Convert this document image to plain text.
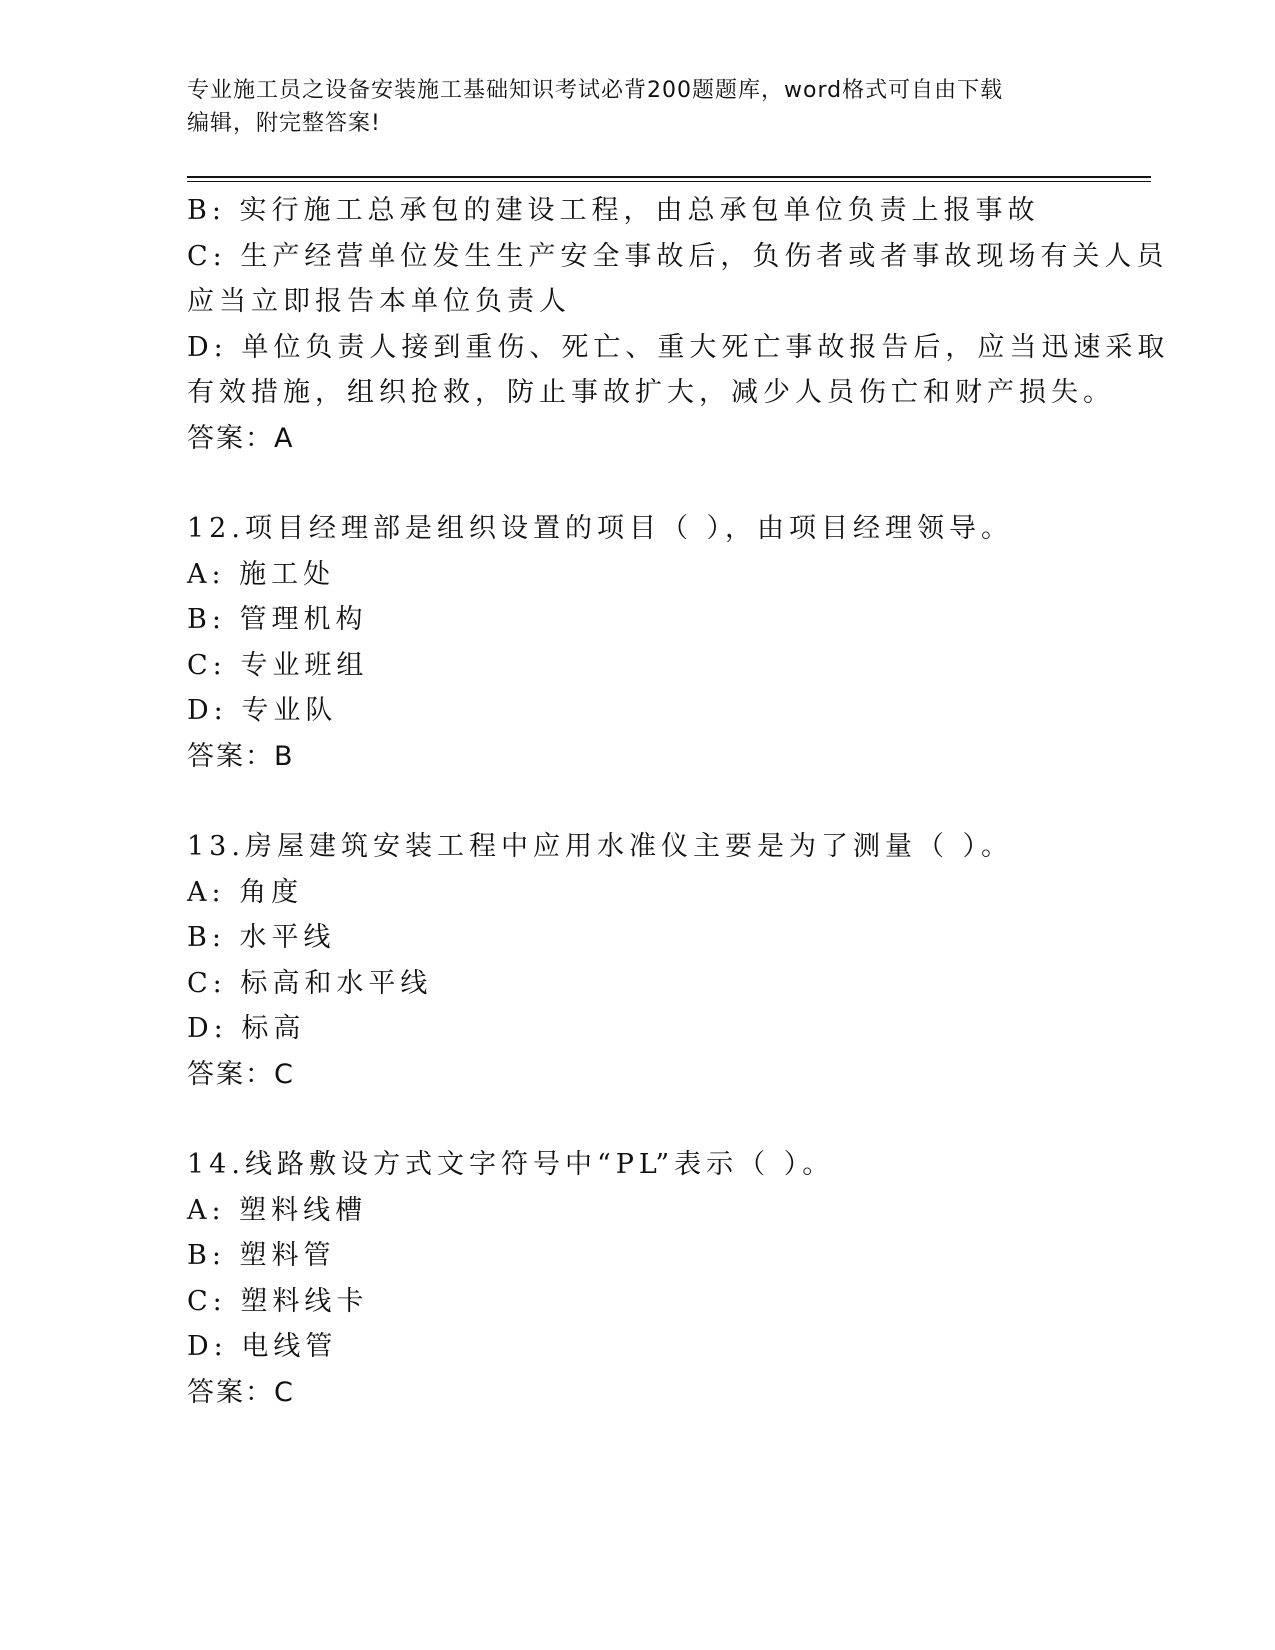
专业施工员之设备安装施工基础知识考试必背200题题库，word格式可自由下载
编辑，附完整答案!
B: 实行施工总承包的建设工程，由总承包单位负责上报事故
C: 生产经营单位发生生产安全事故后，负伤者或者事故现场有关人员
应当立即报告本单位负责人
D: 单位负责人接到重伤、死亡、重大死亡事故报告后，应当迅速采取
有效措施，组织抢救，防止事故扩大，减少人员伤亡和财产损失。
答案：A
12.项目经理部是组织设置的项目（ ），由项目经理领导。
A: 施工处
B: 管理机构
C: 专业班组
D: 专业队
答案：B
13.房屋建筑安装工程中应用水准仪主要是为了测量（ ）。
A: 角度
B: 水平线
C: 标高和水平线
D: 标高
答案：C
14.线路敷设方式文字符号中“PL”表示（ ）。
A: 塑料线槽
B: 塑料管
C: 塑料线卡
D: 电线管
答案：C
